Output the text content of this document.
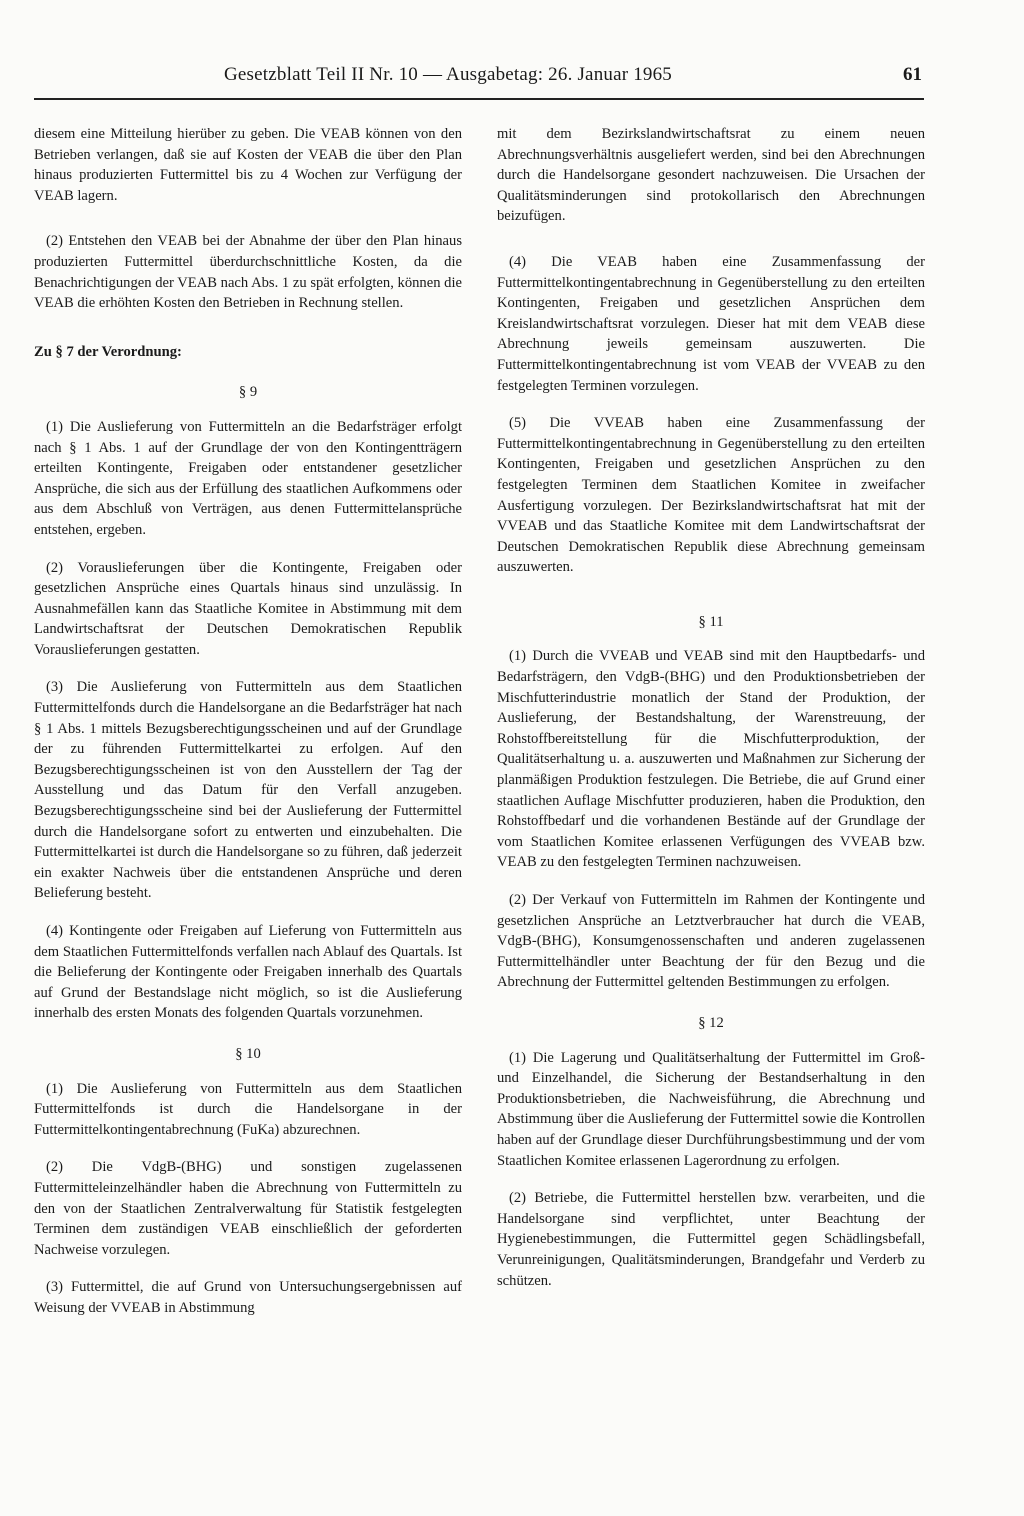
Gesetzblatt Teil II Nr. 10 — Ausgabetag: 26. Januar 1965	61

diesem eine Mitteilung hierüber zu geben. Die VEAB können von den Betrieben verlangen, daß sie auf Kosten der VEAB die über den Plan hinaus produzierten Futtermittel bis zu 4 Wochen zur Verfügung der VEAB lagern.

(2) Entstehen den VEAB bei der Abnahme der über den Plan hinaus produzierten Futtermittel überdurchschnittliche Kosten, da die Benachrichtigungen der VEAB nach Abs. 1 zu spät erfolgten, können die VEAB die erhöhten Kosten den Betrieben in Rechnung stellen.

Zu § 7 der Verordnung:
§ 9

(1) Die Auslieferung von Futtermitteln an die Bedarfsträger erfolgt nach § 1 Abs. 1 auf der Grundlage der von den Kontingentträgern erteilten Kontingente, Freigaben oder entstandener gesetzlicher Ansprüche, die sich aus der Erfüllung des staatlichen Aufkommens oder aus dem Abschluß von Verträgen, aus denen Futtermittelansprüche entstehen, ergeben.

(2) Vorauslieferungen über die Kontingente, Freigaben oder gesetzlichen Ansprüche eines Quartals hinaus sind unzulässig. In Ausnahmefällen kann das Staatliche Komitee in Abstimmung mit dem Landwirtschaftsrat der Deutschen Demokratischen Republik Vorauslieferungen gestatten.

(3) Die Auslieferung von Futtermitteln aus dem Staatlichen Futtermittelfonds durch die Handelsorgane an die Bedarfsträger hat nach § 1 Abs. 1 mittels Bezugsberechtigungsscheinen und auf der Grundlage der zu führenden Futtermittelkartei zu erfolgen. Auf den Bezugsberechtigungsscheinen ist von den Ausstellern der Tag der Ausstellung und das Datum für den Verfall anzugeben. Bezugsberechtigungsscheine sind bei der Auslieferung der Futtermittel durch die Handelsorgane sofort zu entwerten und einzubehalten. Die Futtermittelkartei ist durch die Handelsorgane so zu führen, daß jederzeit ein exakter Nachweis über die entstandenen Ansprüche und deren Belieferung besteht.

(4) Kontingente oder Freigaben auf Lieferung von Futtermitteln aus dem Staatlichen Futtermittelfonds verfallen nach Ablauf des Quartals. Ist die Belieferung der Kontingente oder Freigaben innerhalb des Quartals auf Grund der Bestandslage nicht möglich, so ist die Auslieferung innerhalb des ersten Monats des folgenden Quartals vorzunehmen.

§ 10

(1) Die Auslieferung von Futtermitteln aus dem Staatlichen Futtermittelfonds ist durch die Handelsorgane in der Futtermittelkontingentabrechnung (FuKa) abzurechnen.

(2) Die VdgB-(BHG) und sonstigen zugelassenen Futtermitteleinzelhändler haben die Abrechnung von Futtermitteln zu den von der Staatlichen Zentralverwaltung für Statistik festgelegten Terminen dem zuständigen VEAB einschließlich der geforderten Nachweise vorzulegen.

(3) Futtermittel, die auf Grund von Untersuchungsergebnissen auf Weisung der VVEAB in Abstimmung

mit dem Bezirkslandwirtschaftsrat zu einem neuen Abrechnungsverhältnis ausgeliefert werden, sind bei den Abrechnungen durch die Handelsorgane gesondert nachzuweisen. Die Ursachen der Qualitätsminderungen sind protokollarisch den Abrechnungen beizufügen.

(4) Die VEAB haben eine Zusammenfassung der Futtermittelkontingentabrechnung in Gegenüberstellung zu den erteilten Kontingenten, Freigaben und gesetzlichen Ansprüchen dem Kreislandwirtschaftsrat vorzulegen. Dieser hat mit dem VEAB diese Abrechnung jeweils gemeinsam auszuwerten. Die Futtermittelkontingentabrechnung ist vom VEAB der VVEAB zu den festgelegten Terminen vorzulegen.

(5) Die VVEAB haben eine Zusammenfassung der Futtermittelkontingentabrechnung in Gegenüberstellung zu den erteilten Kontingenten, Freigaben und gesetzlichen Ansprüchen zu den festgelegten Terminen dem Staatlichen Komitee in zweifacher Ausfertigung vorzulegen. Der Bezirkslandwirtschaftsrat hat mit der VVEAB und das Staatliche Komitee mit dem Landwirtschaftsrat der Deutschen Demokratischen Republik diese Abrechnung gemeinsam auszuwerten.

§ 11

(1) Durch die VVEAB und VEAB sind mit den Hauptbedarfs- und Bedarfsträgern, den VdgB-(BHG) und den Produktionsbetrieben der Mischfutterindustrie monatlich der Stand der Produktion, der Auslieferung, der Bestandshaltung, der Warenstreuung, der Rohstoffbereitstellung für die Mischfutterproduktion, der Qualitätserhaltung u. a. auszuwerten und Maßnahmen zur Sicherung der planmäßigen Produktion festzulegen. Die Betriebe, die auf Grund einer staatlichen Auflage Mischfutter produzieren, haben die Produktion, den Rohstoffbedarf und die vorhandenen Bestände auf der Grundlage der vom Staatlichen Komitee erlassenen Verfügungen des VVEAB bzw. VEAB zu den festgelegten Terminen nachzuweisen.

(2) Der Verkauf von Futtermitteln im Rahmen der Kontingente und gesetzlichen Ansprüche an Letztverbraucher hat durch die VEAB, VdgB-(BHG), Konsumgenossenschaften und anderen zugelassenen Futtermittelhändler unter Beachtung der für den Bezug und die Abrechnung der Futtermittel geltenden Bestimmungen zu erfolgen.

§ 12

(1) Die Lagerung und Qualitätserhaltung der Futtermittel im Groß- und Einzelhandel, die Sicherung der Bestandserhaltung in den Produktionsbetrieben, die Nachweisführung, die Abrechnung und Abstimmung über die Auslieferung der Futtermittel sowie die Kontrollen haben auf der Grundlage dieser Durchführungsbestimmung und der vom Staatlichen Komitee erlassenen Lagerordnung zu erfolgen.

(2) Betriebe, die Futtermittel herstellen bzw. verarbeiten, und die Handelsorgane sind verpflichtet, unter Beachtung der Hygienebestimmungen, die Futtermittel gegen Schädlingsbefall, Verunreinigungen, Qualitätsminderungen, Brandgefahr und Verderb zu schützen.
